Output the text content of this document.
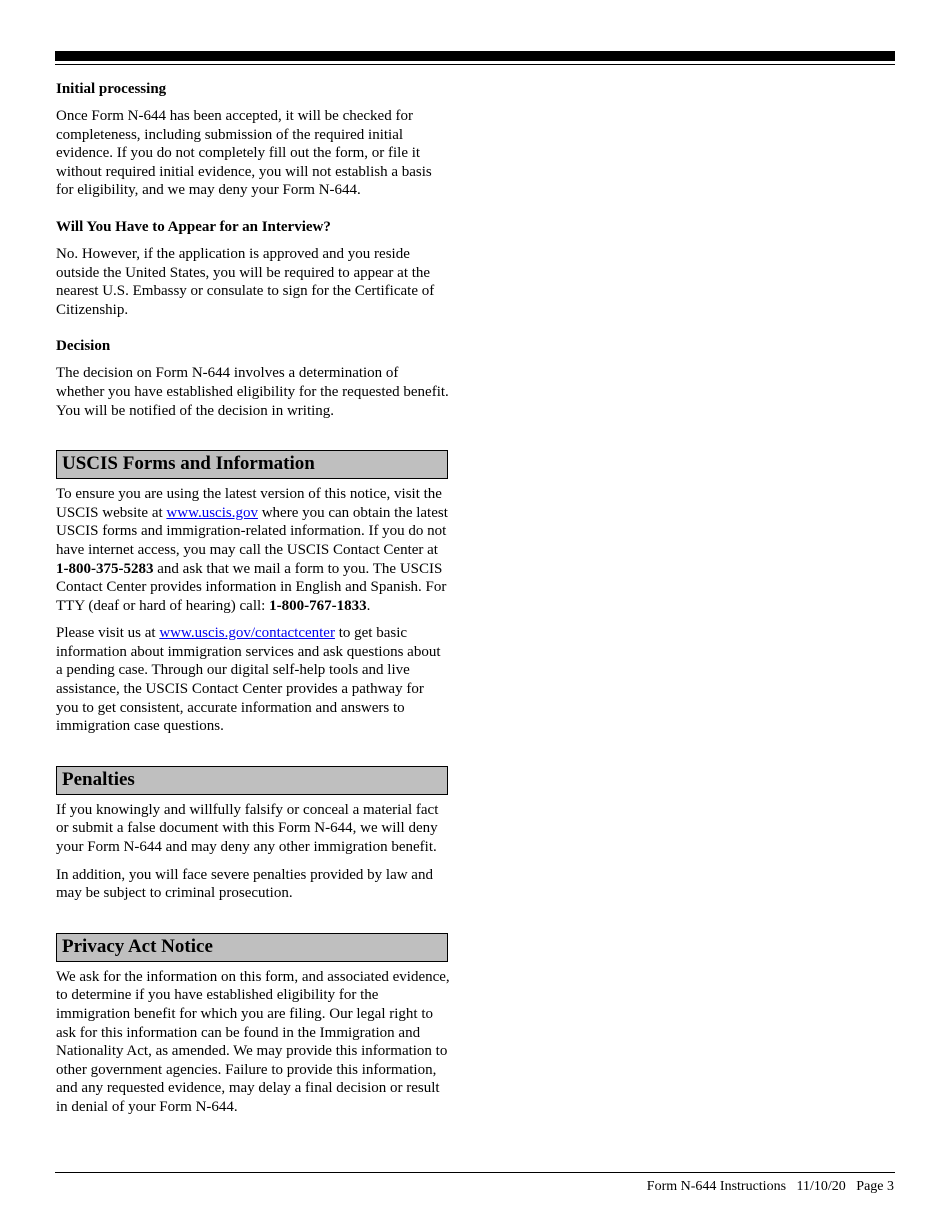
Initial processing

Once Form N-644 has been accepted, it will be checked for completeness, including submission of the required initial evidence. If you do not completely fill out the form, or file it without required initial evidence, you will not establish a basis for eligibility, and we may deny your Form N-644.

Will You Have to Appear for an Interview?

No. However, if the application is approved and you reside outside the United States, you will be required to appear at the nearest U.S. Embassy or consulate to sign for the Certificate of Citizenship.

Decision

The decision on Form N-644 involves a determination of whether you have established eligibility for the requested benefit. You will be notified of the decision in writing.

USCIS Forms and Information

To ensure you are using the latest version of this notice, visit the USCIS website at www.uscis.gov where you can obtain the latest USCIS forms and immigration-related information. If you do not have internet access, you may call the USCIS Contact Center at 1-800-375-5283 and ask that we mail a form to you. The USCIS Contact Center provides information in English and Spanish. For TTY (deaf or hard of hearing) call: 1-800-767-1833.

Please visit us at www.uscis.gov/contactcenter to get basic information about immigration services and ask questions about a pending case. Through our digital self-help tools and live assistance, the USCIS Contact Center provides a pathway for you to get consistent, accurate information and answers to immigration case questions.

Penalties

If you knowingly and willfully falsify or conceal a material fact or submit a false document with this Form N-644, we will deny your Form N-644 and may deny any other immigration benefit.

In addition, you will face severe penalties provided by law and may be subject to criminal prosecution.

Privacy Act Notice

We ask for the information on this form, and associated evidence, to determine if you have established eligibility for the immigration benefit for which you are filing. Our legal right to ask for this information can be found in the Immigration and Nationality Act, as amended. We may provide this information to other government agencies. Failure to provide this information, and any requested evidence, may delay a final decision or result in denial of your Form N-644.

Form N-644 Instructions 11/10/20 Page 3
